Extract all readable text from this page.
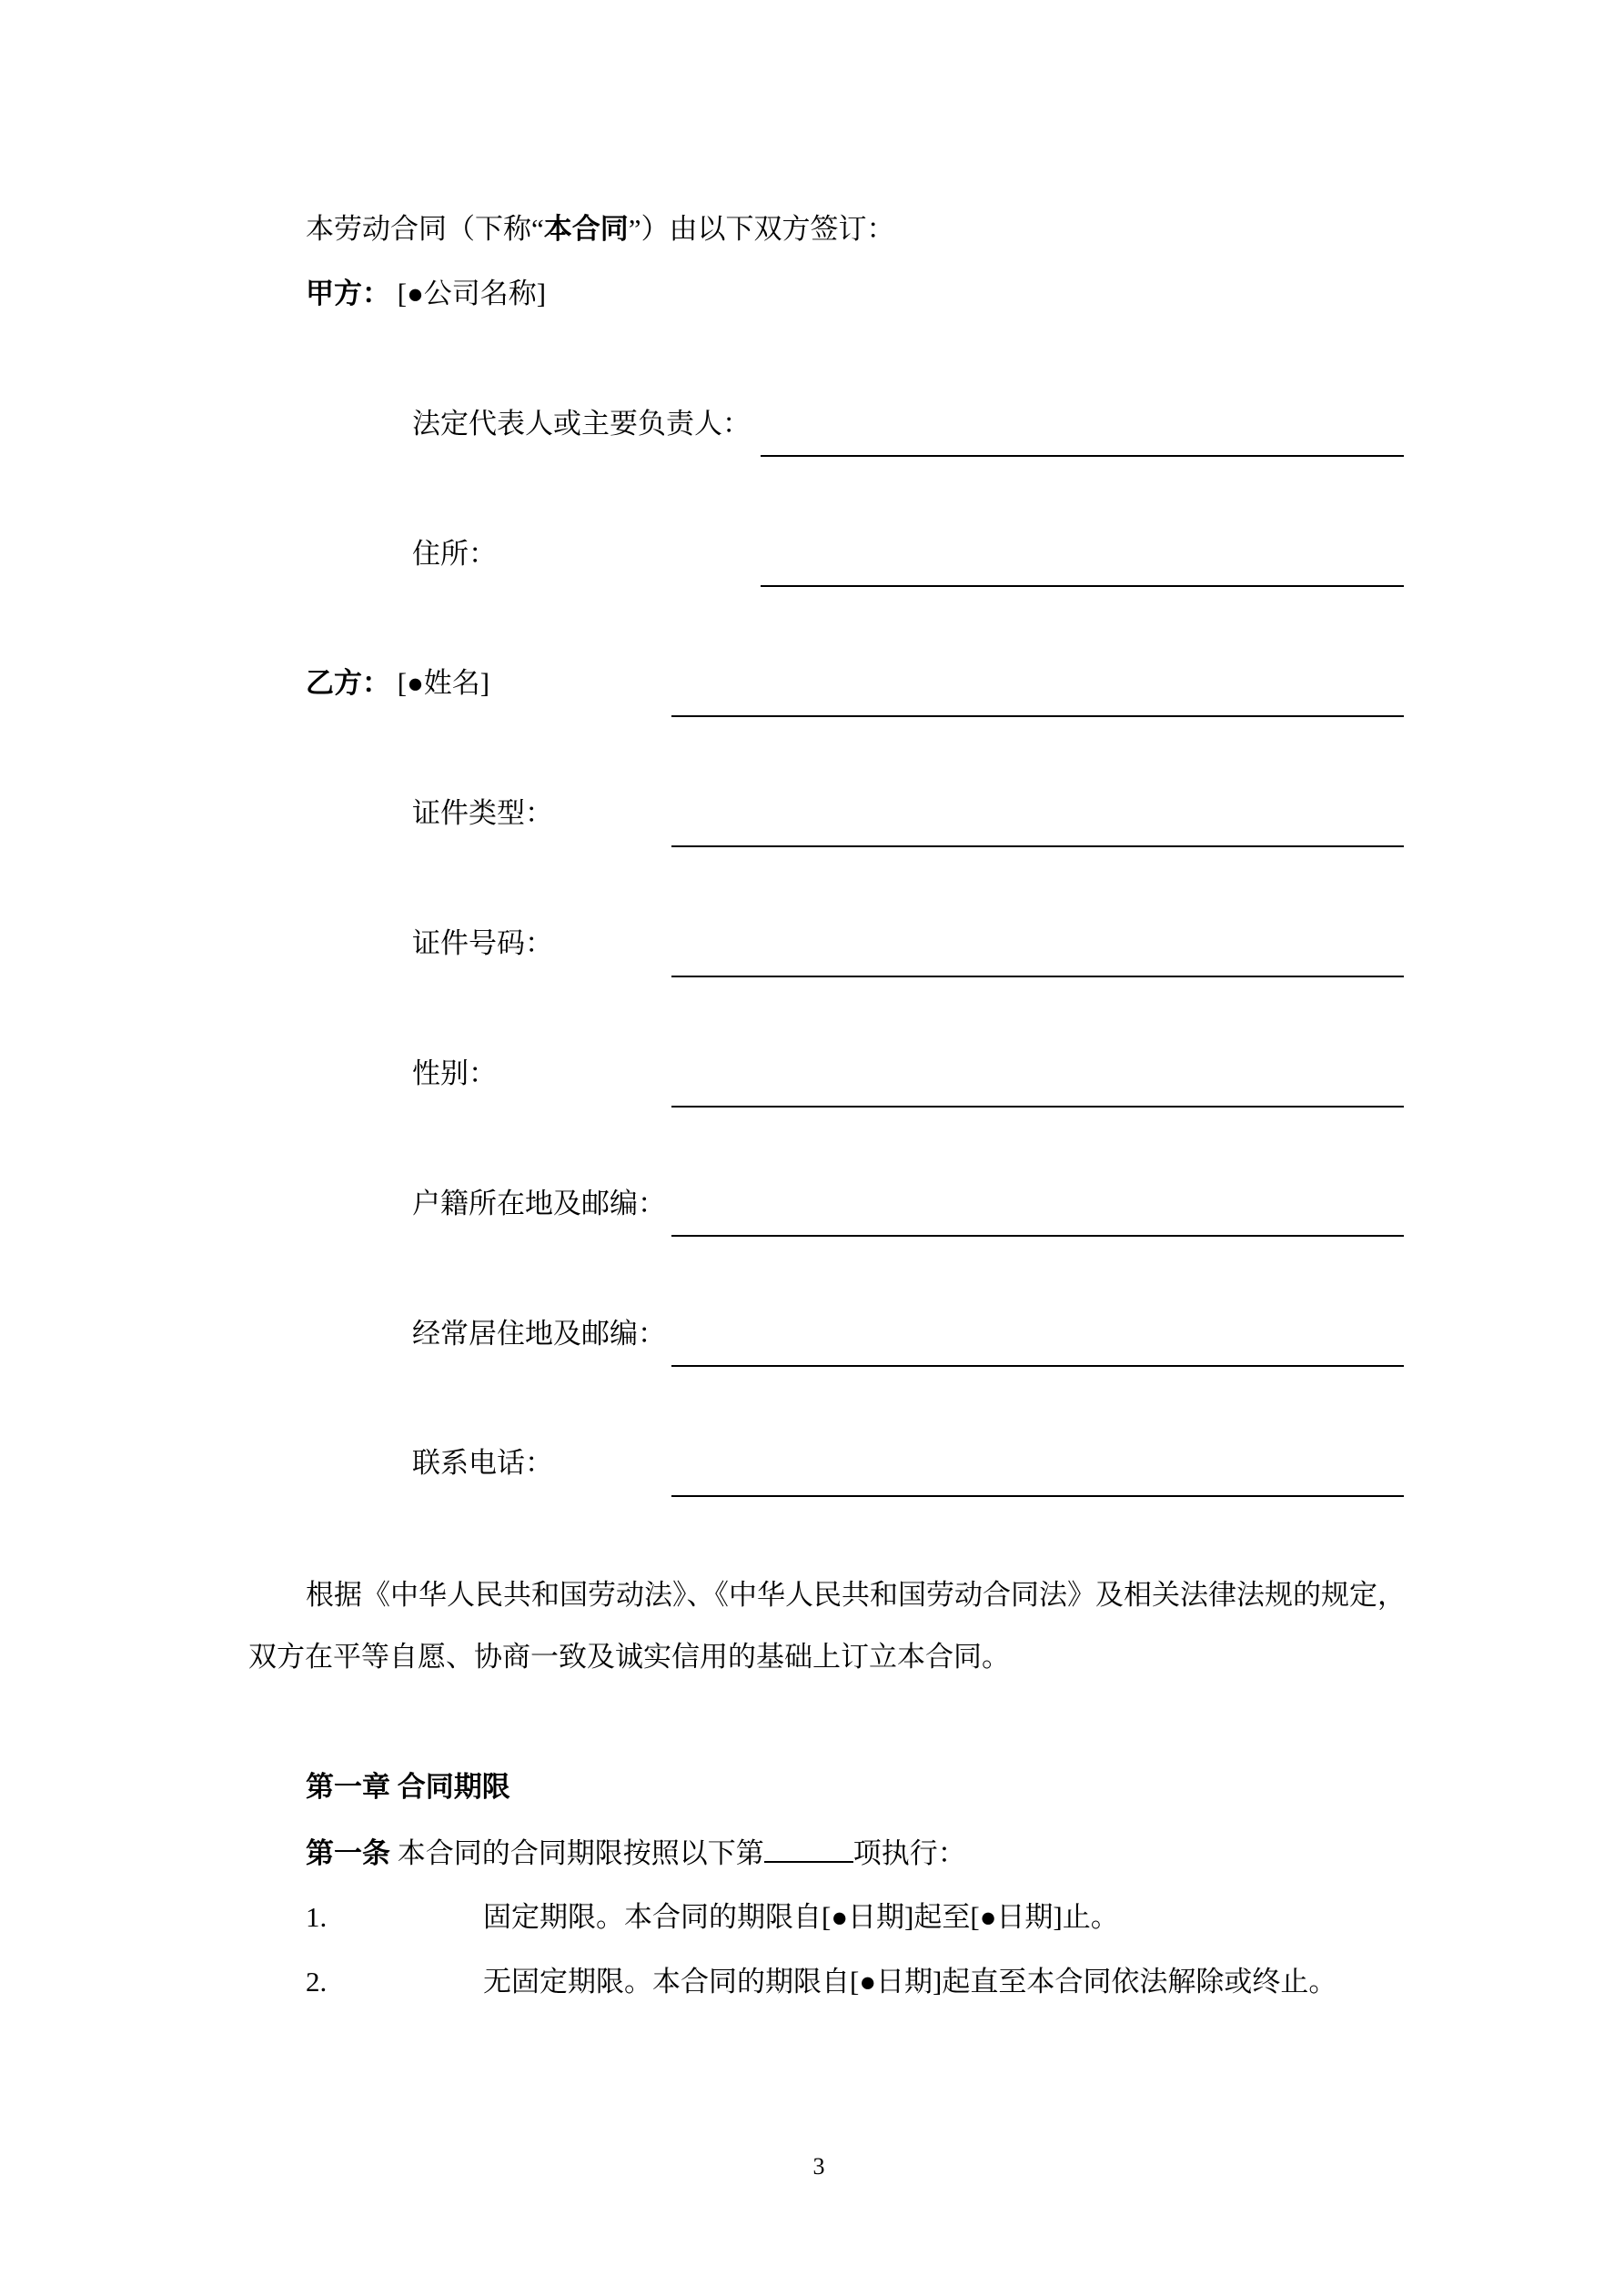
本劳动合同（下称“本合同”）由以下双方签订：
甲方： [●公司名称]
法定代表人或主要负责人：
住所：
乙方： [●姓名]
证件类型：
证件号码：
性别：
户籍所在地及邮编：
经常居住地及邮编：
联系电话：
根据《中华人民共和国劳动法》、《中华人民共和国劳动合同法》及相关法律法规的规定，
双方在平等自愿、协商一致及诚实信用的基础上订立本合同。
第一章 合同期限
第一条 本合同的合同期限按照以下第	项执行：
1.	固定期限。本合同的期限自[●日期]起至[●日期]止。
2.	无固定期限。本合同的期限自[●日期]起直至本合同依法解除或终止。
3
